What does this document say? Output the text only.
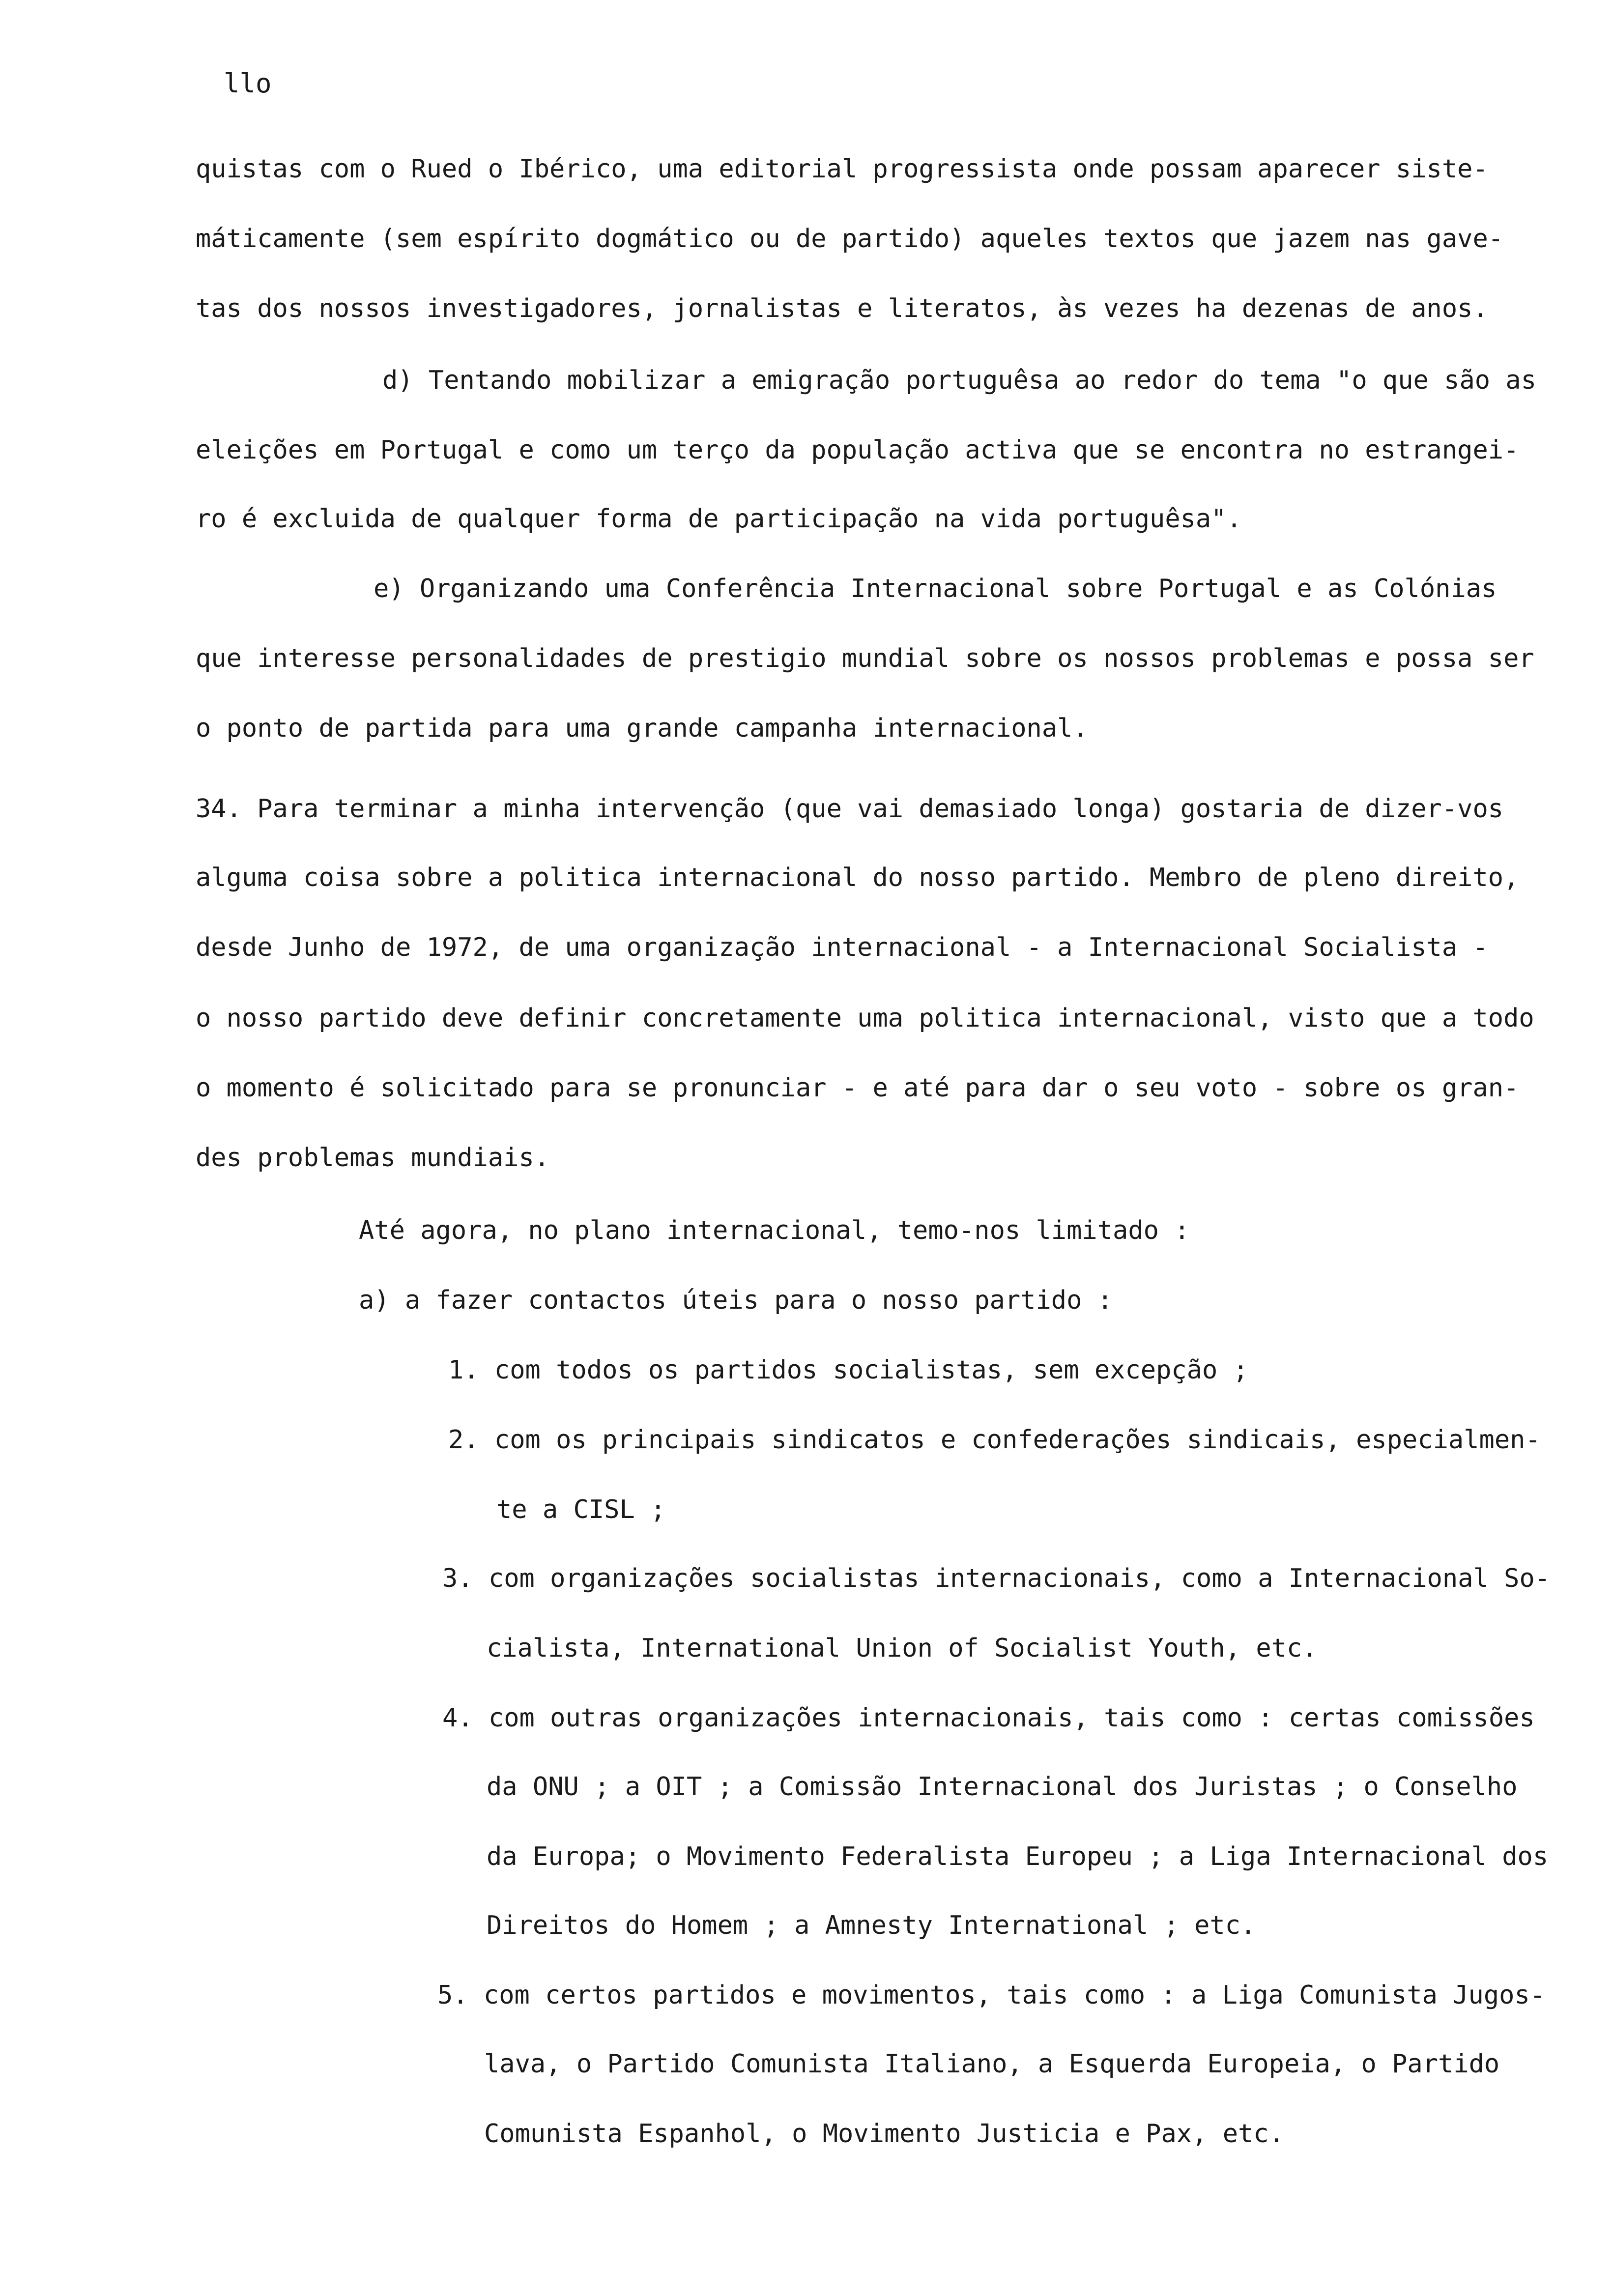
llo
quistas com o Rued o Ibérico, uma editorial progressista onde possam aparecer siste-
máticamente (sem espírito dogmático ou de partido) aqueles textos que jazem nas gave-
tas dos nossos investigadores, jornalistas e literatos, às vezes ha dezenas de anos.
d) Tentando mobilizar a emigração portuguêsa ao redor do tema "o que são as
eleições em Portugal e como um terço da população activa que se encontra no estrangei-
ro é excluida de qualquer forma de participação na vida portuguêsa".
e) Organizando uma Conferência Internacional sobre Portugal e as Colónias
que interesse personalidades de prestigio mundial sobre os nossos problemas e possa ser
o ponto de partida para uma grande campanha internacional.
34. Para terminar a minha intervenção (que vai demasiado longa) gostaria de dizer-vos
alguma coisa sobre a politica internacional do nosso partido. Membro de pleno direito,
desde Junho de 1972, de uma organização internacional - a Internacional Socialista -
o nosso partido deve definir concretamente uma politica internacional, visto que a todo
o momento é solicitado para se pronunciar - e até para dar o seu voto - sobre os gran-
des problemas mundiais.
Até agora, no plano internacional, temo-nos limitado :
a) a fazer contactos úteis para o nosso partido :
1. com todos os partidos socialistas, sem excepção ;
2. com os principais sindicatos e confederações sindicais, especialmen-
te a CISL ;
3. com organizações socialistas internacionais, como a Internacional So-
cialista, International Union of Socialist Youth, etc.
4. com outras organizações internacionais, tais como : certas comissões
da ONU ; a OIT ; a Comissão Internacional dos Juristas ; o Conselho
da Europa; o Movimento Federalista Europeu ; a Liga Internacional dos
Direitos do Homem ; a Amnesty International ; etc.
5. com certos partidos e movimentos, tais como : a Liga Comunista Jugos-
lava, o Partido Comunista Italiano, a Esquerda Europeia, o Partido
Comunista Espanhol, o Movimento Justicia e Pax, etc.
